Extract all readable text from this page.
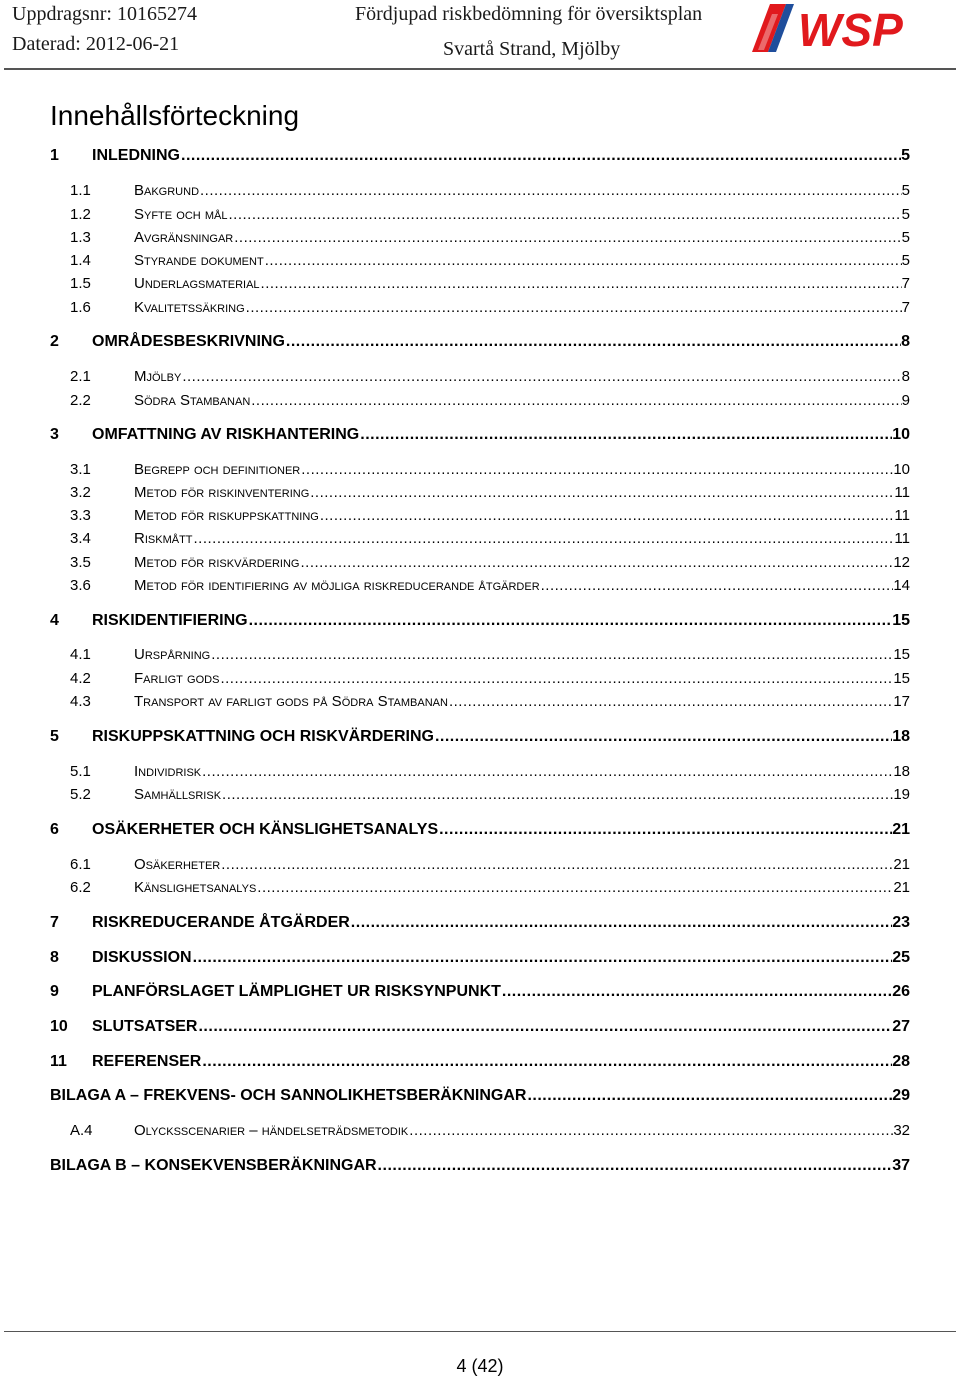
Uppdragsnr: 10165274
Daterad: 2012-06-21
Fördjupad riskbedömning för översiktsplan
Svartå Strand, Mjölby	WSP
Innehållsförteckning
1 INLEDNING .....	5
1.1	Bakgrund .....	5
1.2	Syfte och mål .....	5
1.3	Avgränsningar .....	5
1.4	Styrande dokument .....	5
1.5	Underlagsmaterial .....	7
1.6	Kvalitetssäkring .....	7
2 OMRÅDESBESKRIVNING .....	8
2.1	Mjölby .....	8
2.2	Södra Stambanan .....	9
3 OMFATTNING AV RISKHANTERING .....	10
3.1	Begrepp och definitioner .....	10
3.2	Metod för riskinventering .....	11
3.3	Metod för riskuppskattning .....	11
3.4	Riskmått .....	11
3.5	Metod för riskvärdering .....	12
3.6	Metod för identifiering av möjliga riskreducerande åtgärder .....	14
4 RISKIDENTIFIERING .....	15
4.1	Urspårning .....	15
4.2	Farligt gods .....	15
4.3	Transport av farligt gods på Södra Stambanan .....	17
5 RISKUPPSKATTNING OCH RISKVÄRDERING .....	18
5.1	Individrisk .....	18
5.2	Samhällsrisk .....	19
6 OSÄKERHETER OCH KÄNSLIGHETSANALYS .....	21
6.1	Osäkerheter .....	21
6.2	Känslighetsanalys .....	21
7 RISKREDUCERANDE ÅTGÄRDER .....	23
8 DISKUSSION .....	25
9 PLANFÖRSLAGET LÄMPLIGHET UR RISKSYNPUNKT .....	26
10 SLUTSATSER .....	27
11 REFERENSER .....	28
BILAGA A – FREKVENS- OCH SANNOLIKHETSBERÄKNINGAR .....	29
A.4	Olycksscenarier – händelseträdsmetodik .....	32
BILAGA B – KONSEKVENSBERÄKNINGAR .....	37
4 (42)
